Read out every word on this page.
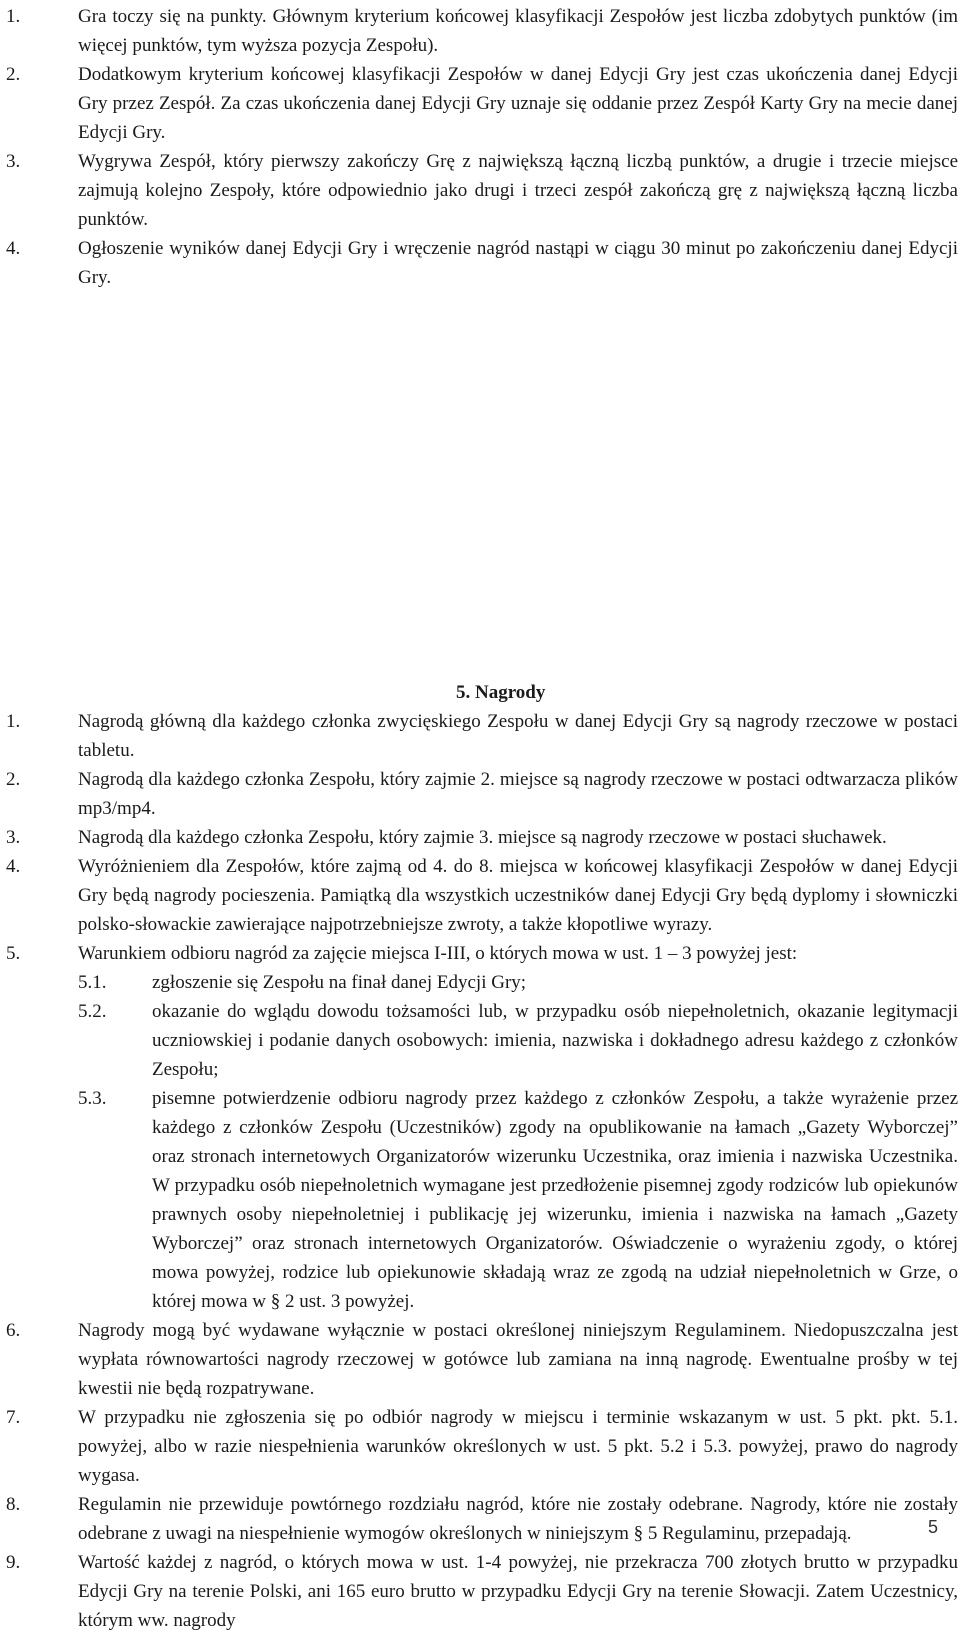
1.	Gra toczy się na punkty. Głównym kryterium końcowej klasyfikacji Zespołów jest liczba zdobytych punktów (im więcej punktów, tym wyższa pozycja Zespołu).
2.	Dodatkowym kryterium końcowej klasyfikacji Zespołów w danej Edycji Gry jest czas ukończenia danej Edycji Gry przez Zespół. Za czas ukończenia danej Edycji Gry uznaje się oddanie przez Zespół Karty Gry na mecie danej Edycji Gry.
3.	Wygrywa Zespół, który pierwszy zakończy Grę z największą łączną liczbą punktów, a drugie i trzecie miejsce zajmują kolejno Zespoły, które odpowiednio jako drugi i trzeci zespół zakończą grę z największą łączną liczba punktów.
4.	Ogłoszenie wyników danej Edycji Gry i wręczenie nagród nastąpi w ciągu 30 minut po zakończeniu danej Edycji Gry.
5. Nagrody
1.	Nagrodą główną dla każdego członka zwycięskiego Zespołu w danej Edycji Gry są nagrody rzeczowe w postaci tabletu.
2.	Nagrodą dla każdego członka Zespołu, który zajmie 2. miejsce są nagrody rzeczowe w postaci odtwarzacza plików mp3/mp4.
3.	Nagrodą dla każdego członka Zespołu, który zajmie 3. miejsce są nagrody rzeczowe w postaci słuchawek.
4.	Wyróżnieniem dla Zespołów, które zajmą od 4. do 8. miejsca w końcowej klasyfikacji Zespołów w danej Edycji Gry będą nagrody pocieszenia. Pamiątką dla wszystkich uczestników danej Edycji Gry będą dyplomy i słowniczki polsko-słowackie zawierające najpotrzebniejsze zwroty, a także kłopotliwe wyrazy.
5.	Warunkiem odbioru nagród za zajęcie miejsca I-III, o których mowa w ust. 1 – 3 powyżej jest:
5.1.	zgłoszenie się Zespołu na finał danej Edycji Gry;
5.2.	okazanie do wglądu dowodu tożsamości lub, w przypadku osób niepełnoletnich, okazanie legitymacji uczniowskiej i podanie danych osobowych: imienia, nazwiska i dokładnego adresu każdego z członków Zespołu;
5.3.	pisemne potwierdzenie odbioru nagrody przez każdego z członków Zespołu, a także wyrażenie przez każdego z członków Zespołu (Uczestników) zgody na opublikowanie na łamach „Gazety Wyborczej” oraz stronach internetowych Organizatorów wizerunku Uczestnika, oraz imienia i nazwiska Uczestnika. W przypadku osób niepełnoletnich wymagane jest przedłożenie pisemnej zgody rodziców lub opiekunów prawnych osoby niepełnoletniej i publikację jej wizerunku, imienia i nazwiska na łamach „Gazety Wyborczej” oraz stronach internetowych Organizatorów. Oświadczenie o wyrażeniu zgody, o której mowa powyżej, rodzice lub opiekunowie składają wraz ze zgodą na udział niepełnoletnich w Grze, o której mowa w § 2 ust. 3 powyżej.
6.	Nagrody mogą być wydawane wyłącznie w postaci określonej niniejszym Regulaminem. Niedopuszczalna jest wypłata równowartości nagrody rzeczowej w gotówce lub zamiana na inną nagrodę. Ewentualne prośby w tej kwestii nie będą rozpatrywane.
7.	W przypadku nie zgłoszenia się po odbiór nagrody w miejscu i terminie wskazanym w ust. 5 pkt. pkt. 5.1. powyżej, albo w razie niespełnienia warunków określonych w ust. 5 pkt. 5.2 i 5.3. powyżej, prawo do nagrody wygasa.
8.	Regulamin nie przewiduje powtórnego rozdziału nagród, które nie zostały odebrane. Nagrody, które nie zostały odebrane z uwagi na niespełnienie wymogów określonych w niniejszym § 5 Regulaminu, przepadają.
9.	Wartość każdej z nagród, o których mowa w ust. 1-4 powyżej, nie przekracza 700 złotych brutto w przypadku Edycji Gry na terenie Polski, ani 165 euro brutto w przypadku Edycji Gry na terenie Słowacji. Zatem Uczestnicy, którym ww. nagrody
5
